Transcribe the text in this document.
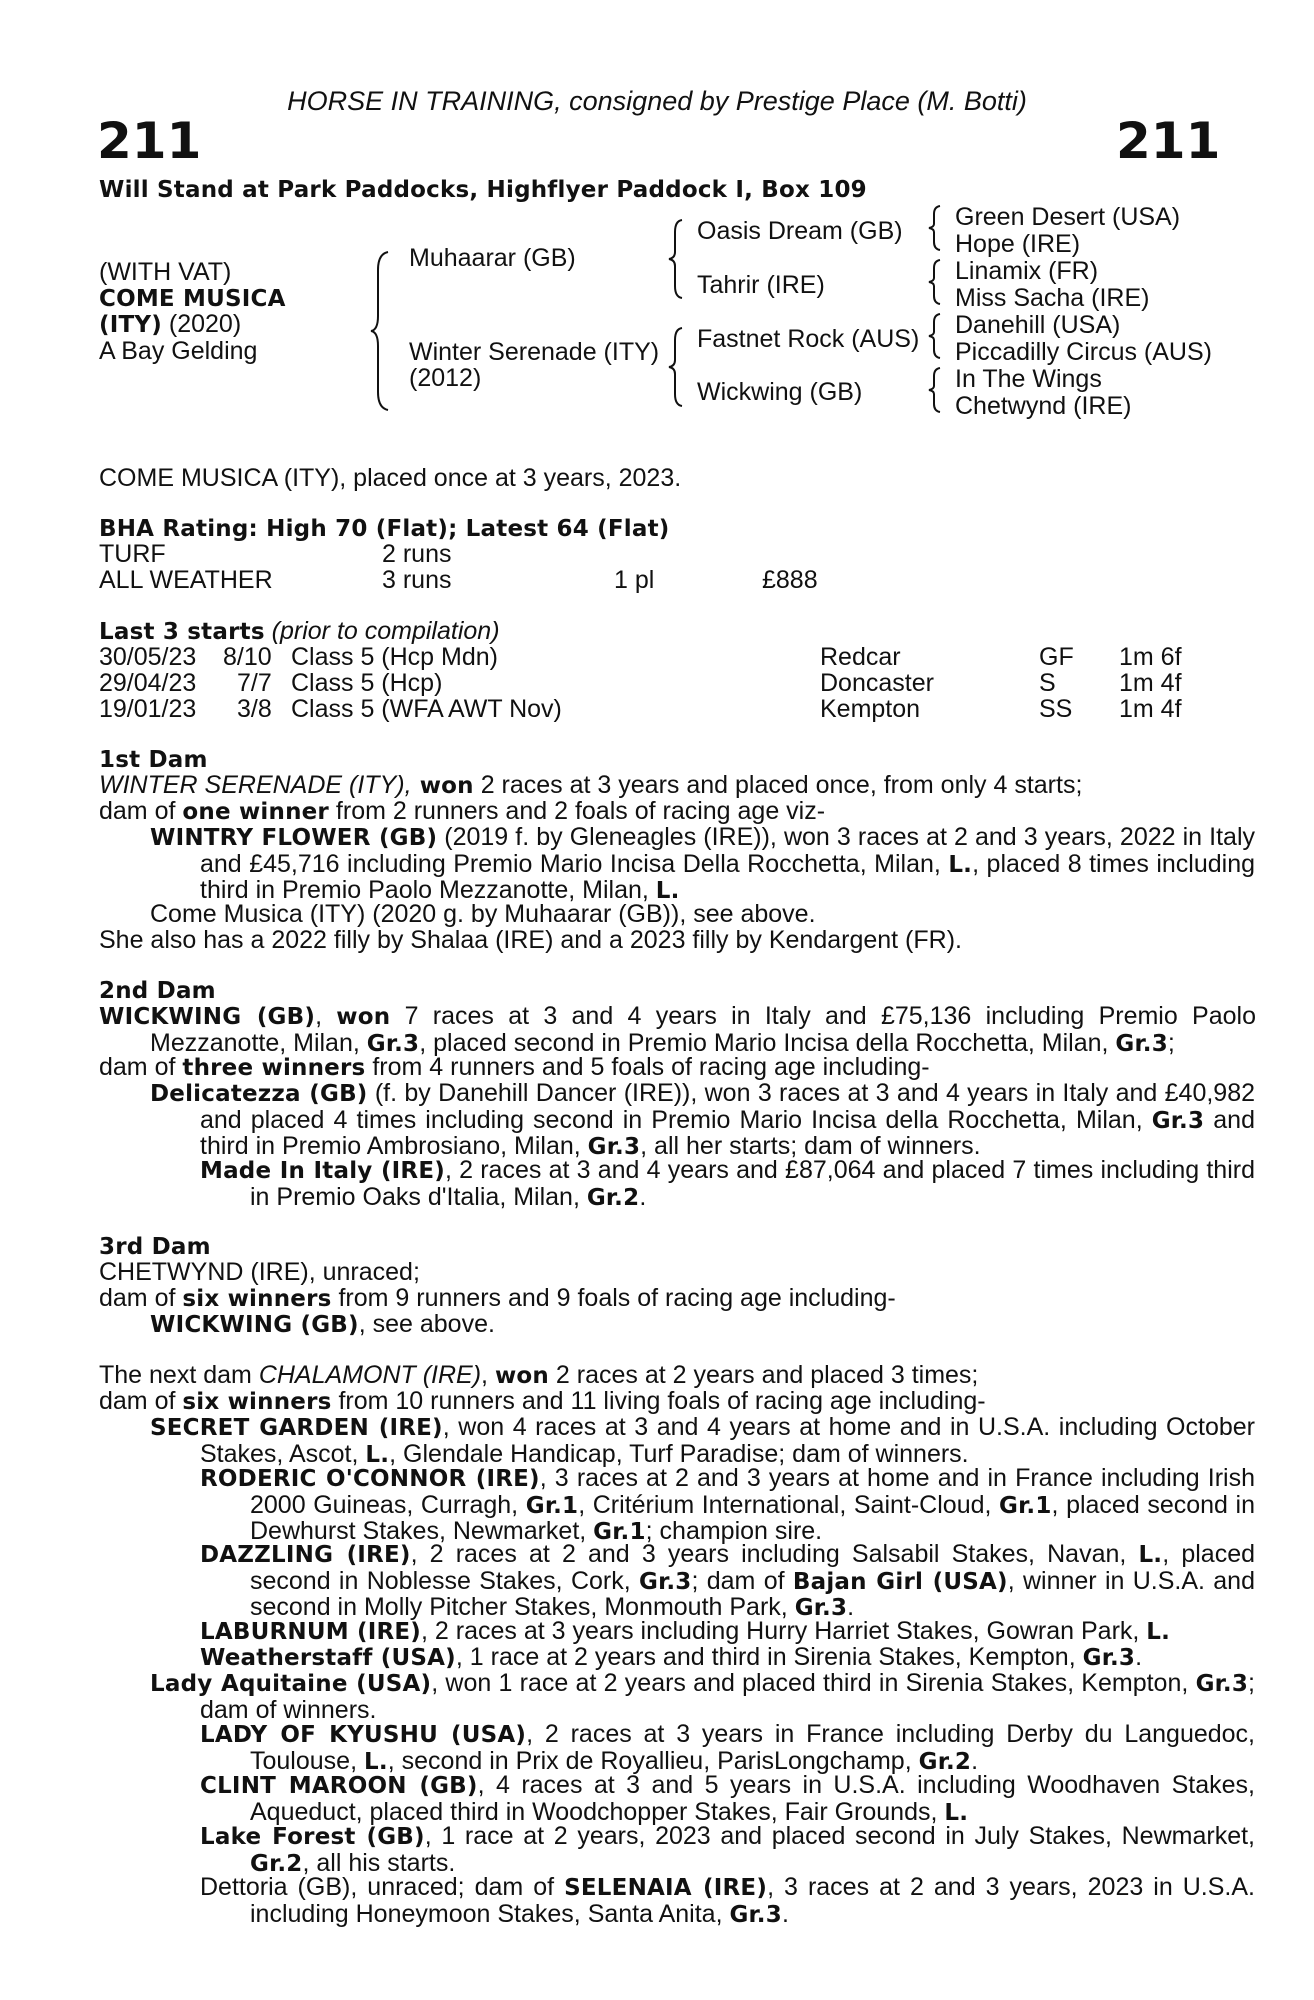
HORSE IN TRAINING, consigned by Prestige Place (M. Botti)
211	211
Will Stand at Park Paddocks, Highflyer Paddock I, Box 109
(WITH VAT)
COME MUSICA
(ITY) (2020)
A Bay Gelding
Muhaarar (GB)
Winter Serenade (ITY)
(2012)
Oasis Dream (GB)
Tahrir (IRE)
Fastnet Rock (AUS)
Wickwing (GB)
Green Desert (USA)
Hope (IRE)
Linamix (FR)
Miss Sacha (IRE)
Danehill (USA)
Piccadilly Circus (AUS)
In The Wings
Chetwynd (IRE)
COME MUSICA (ITY), placed once at 3 years, 2023.
BHA Rating: High 70 (Flat); Latest 64 (Flat)
TURF	2 runs
ALL WEATHER	3 runs	1 pl	£888
Last 3 starts (prior to compilation)
30/05/23 8/10 Class 5 (Hcp Mdn)	Redcar	GF 1m 6f
29/04/23 7/7 Class 5 (Hcp)	Doncaster	S	1m 4f
19/01/23 3/8 Class 5 (WFA AWT Nov)	Kempton	SS 1m 4f
1st Dam
WINTER SERENADE (ITY), won 2 races at 3 years and placed once, from only 4 starts;
dam of one winner from 2 runners and 2 foals of racing age viz-

WINTRY FLOWER (GB) (2019 f. by Gleneagles (IRE)), won 3 races at 2 and 3 years, 2022 in Italy and £45,716 including Premio Mario Incisa Della Rocchetta, Milan, L., placed 8 times including third in Premio Paolo Mezzanotte, Milan, L.

Come Musica (ITY) (2020 g. by Muhaarar (GB)), see above.
She also has a 2022 filly by Shalaa (IRE) and a 2023 filly by Kendargent (FR).
2nd Dam

WICKWING (GB), won 7 races at 3 and 4 years in Italy and £75,136 including Premio Paolo Mezzanotte, Milan, Gr.3, placed second in Premio Mario Incisa della Rocchetta, Milan, Gr.3;

dam of three winners from 4 runners and 5 foals of racing age including-

Delicatezza (GB) (f. by Danehill Dancer (IRE)), won 3 races at 3 and 4 years in Italy and £40,982 and placed 4 times including second in Premio Mario Incisa della Rocchetta, Milan, Gr.3 and third in Premio Ambrosiano, Milan, Gr.3, all her starts; dam of winners.

Made In Italy (IRE), 2 races at 3 and 4 years and £87,064 and placed 7 times including third in Premio Oaks d'Italia, Milan, Gr.2.

3rd Dam
CHETWYND (IRE), unraced;
dam of six winners from 9 runners and 9 foals of racing age including-
WICKWING (GB), see above.
The next dam CHALAMONT (IRE), won 2 races at 2 years and placed 3 times;
dam of six winners from 10 runners and 11 living foals of racing age including-

SECRET GARDEN (IRE), won 4 races at 3 and 4 years at home and in U.S.A. including October Stakes, Ascot, L., Glendale Handicap, Turf Paradise; dam of winners.

RODERIC O'CONNOR (IRE), 3 races at 2 and 3 years at home and in France including Irish 2000 Guineas, Curragh, Gr.1, Critérium International, Saint-Cloud, Gr.1, placed second in Dewhurst Stakes, Newmarket, Gr.1; champion sire.

DAZZLING (IRE), 2 races at 2 and 3 years including Salsabil Stakes, Navan, L., placed second in Noblesse Stakes, Cork, Gr.3; dam of Bajan Girl (USA), winner in U.S.A. and second in Molly Pitcher Stakes, Monmouth Park, Gr.3.

LABURNUM (IRE), 2 races at 3 years including Hurry Harriet Stakes, Gowran Park, L.
Weatherstaff (USA), 1 race at 2 years and third in Sirenia Stakes, Kempton, Gr.3.

Lady Aquitaine (USA), won 1 race at 2 years and placed third in Sirenia Stakes, Kempton, Gr.3; dam of winners.

LADY OF KYUSHU (USA), 2 races at 3 years in France including Derby du Languedoc, Toulouse, L., second in Prix de Royallieu, ParisLongchamp, Gr.2.

CLINT MAROON (GB), 4 races at 3 and 5 years in U.S.A. including Woodhaven Stakes, Aqueduct, placed third in Woodchopper Stakes, Fair Grounds, L.

Lake Forest (GB), 1 race at 2 years, 2023 and placed second in July Stakes, Newmarket, Gr.2, all his starts.

Dettoria (GB), unraced; dam of SELENAIA (IRE), 3 races at 2 and 3 years, 2023 in U.S.A. including Honeymoon Stakes, Santa Anita, Gr.3.
